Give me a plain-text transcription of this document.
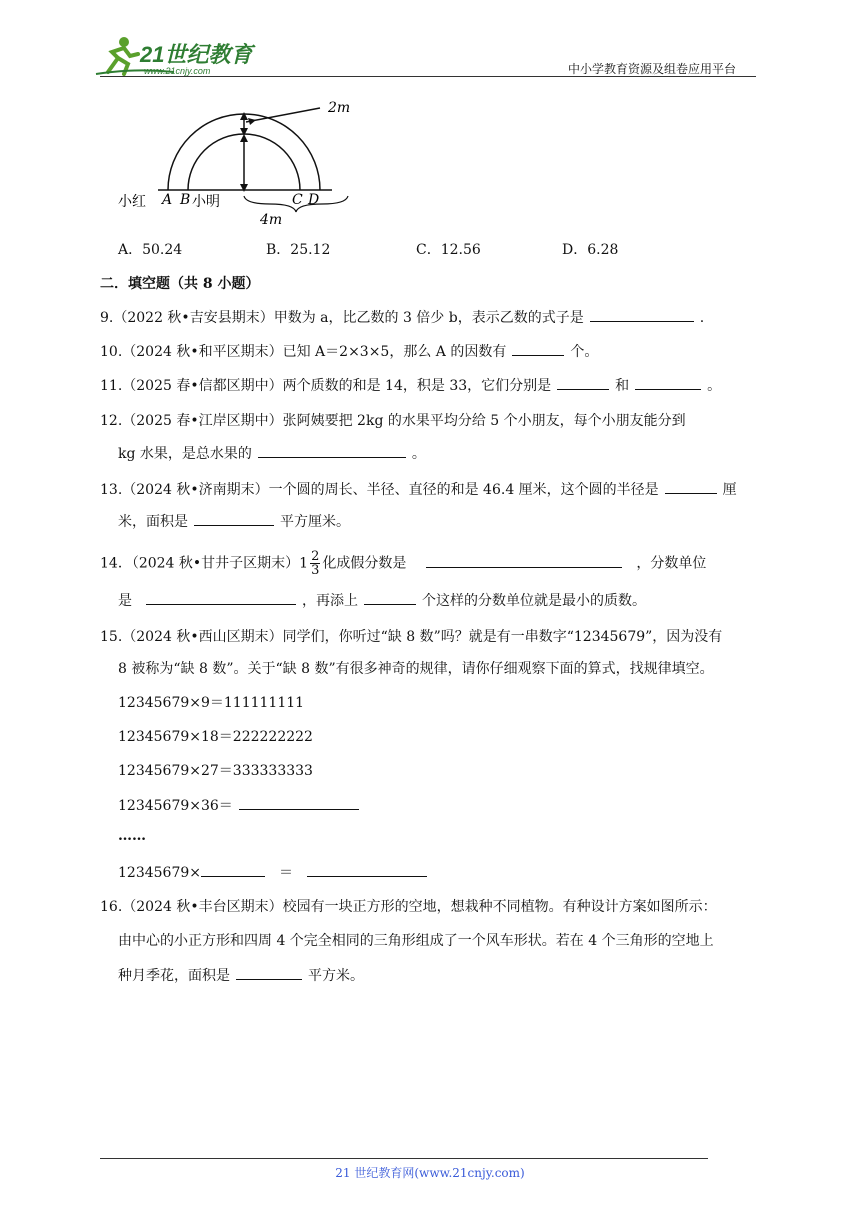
21世纪教育
www.21cnjy.com	中小学教育资源及组卷应用平台
2m
4m
小红 A B 小明	C D
A．50.24	B．25.12	C．12.56	D．6.28
二．填空题（共 8 小题）
9.（2022 秋•吉安县期末）甲数为 a，比乙数的 3 倍少 b，表示乙数的式子是	.
10.（2024 秋•和平区期末）已知 A＝2×3×5，那么 A 的因数有	个。
11.（2025 春•信都区期中）两个质数的和是 14，积是 33，它们分别是	和	。
12.（2025 春•江岸区期中）张阿姨要把 2kg 的水果平均分给 5 个小朋友，每个小朋友能分到
kg 水果，是总水果的	。
13.（2024 秋•济南期末）一个圆的周长、半径、直径的和是 46.4 厘米，这个圆的半径是	厘
米，面积是	平方厘米。
14．（2024 秋•甘井子区期末）$1 \frac{2}{3}$ 化成假分数是	，分数单位
是	，再添上	个这样的分数单位就是最小的质数。
15.（2024 秋•西山区期末）同学们，你听过“缺 8 数”吗？就是有一串数字“12345679”，因为没有
8 被称为“缺 8 数”。关于“缺 8 数”有很多神奇的规律，请你仔细观察下面的算式，找规律填空。
12345679×9＝111111111
12345679×18＝222222222
12345679×27＝333333333
12345679×36＝
……
12345679×	＝
16.（2024 秋•丰台区期末）校园有一块正方形的空地，想栽种不同植物。有种设计方案如图所示：
由中心的小正方形和四周 4 个完全相同的三角形组成了一个风车形状。若在 4 个三角形的空地上
种月季花，面积是	平方米。
21 世纪教育网(www.21cnjy.com)
